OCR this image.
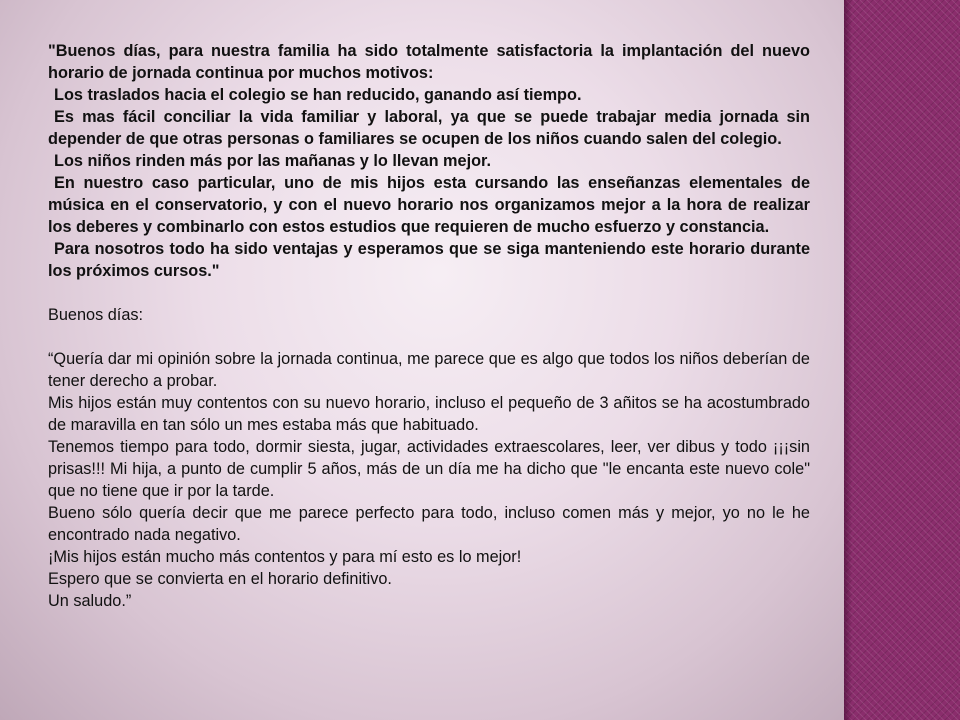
"Buenos días, para nuestra familia ha sido totalmente satisfactoria la implantación del nuevo horario de jornada continua por muchos motivos:

Los traslados hacia el colegio se han reducido, ganando así tiempo.

Es mas fácil conciliar la vida familiar y laboral, ya que se puede trabajar media jornada sin depender de que otras personas o familiares se ocupen de los niños cuando salen del colegio.

Los niños rinden más por las mañanas y lo llevan mejor.

En nuestro caso particular, uno de mis hijos esta cursando las enseñanzas elementales de música en el conservatorio, y con el nuevo horario nos organizamos mejor a la hora de realizar los deberes y combinarlo con estos estudios que requieren de mucho esfuerzo y constancia.

Para nosotros todo ha sido ventajas y esperamos que se siga manteniendo este horario durante los próximos cursos."

Buenos días:

“Quería dar mi opinión sobre la jornada continua, me parece que es algo que todos los niños deberían de tener derecho a probar.

Mis hijos están muy contentos con su nuevo horario, incluso el pequeño de 3 añitos se ha acostumbrado de maravilla en tan sólo un mes estaba más que habituado.

Tenemos tiempo para todo, dormir siesta, jugar, actividades extraescolares, leer, ver dibus y todo ¡¡¡sin prisas!!! Mi hija, a punto de cumplir 5 años, más de un día me ha dicho que "le encanta este nuevo cole" que no tiene que ir por la tarde.

Bueno sólo quería decir que me parece perfecto para todo, incluso comen más y mejor, yo no le he encontrado nada negativo.

¡Mis hijos están mucho más contentos y para mí esto es lo mejor!

Espero que se convierta en el horario definitivo.

Un saludo.”
